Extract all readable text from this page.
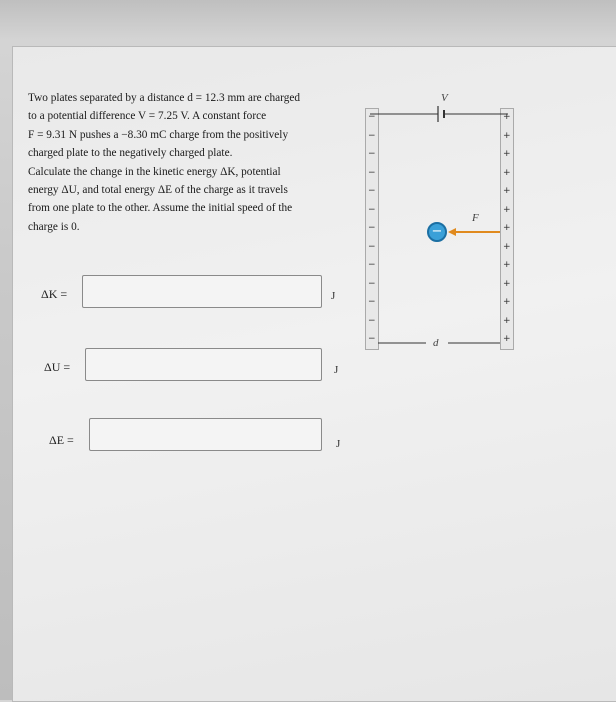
Two plates separated by a distance d = 12.3 mm are charged

to a potential difference V = 7.25 V. A constant force

F = 9.31 N pushes a −8.30 mC charge from the positively

charged plate to the negatively charged plate.

Calculate the change in the kinetic energy ΔK, potential

energy ΔU, and total energy ΔE of the charge as it travels

from one plate to the other. Assume the initial speed of the

charge is 0.

ΔK =	J
ΔU =	J
ΔE =	J
V
F
d
−
−
−
−
−
−
−
−
−
−
−
−
−
−
+
+
+
+
+
+
+
+
+
+
+
+
+
